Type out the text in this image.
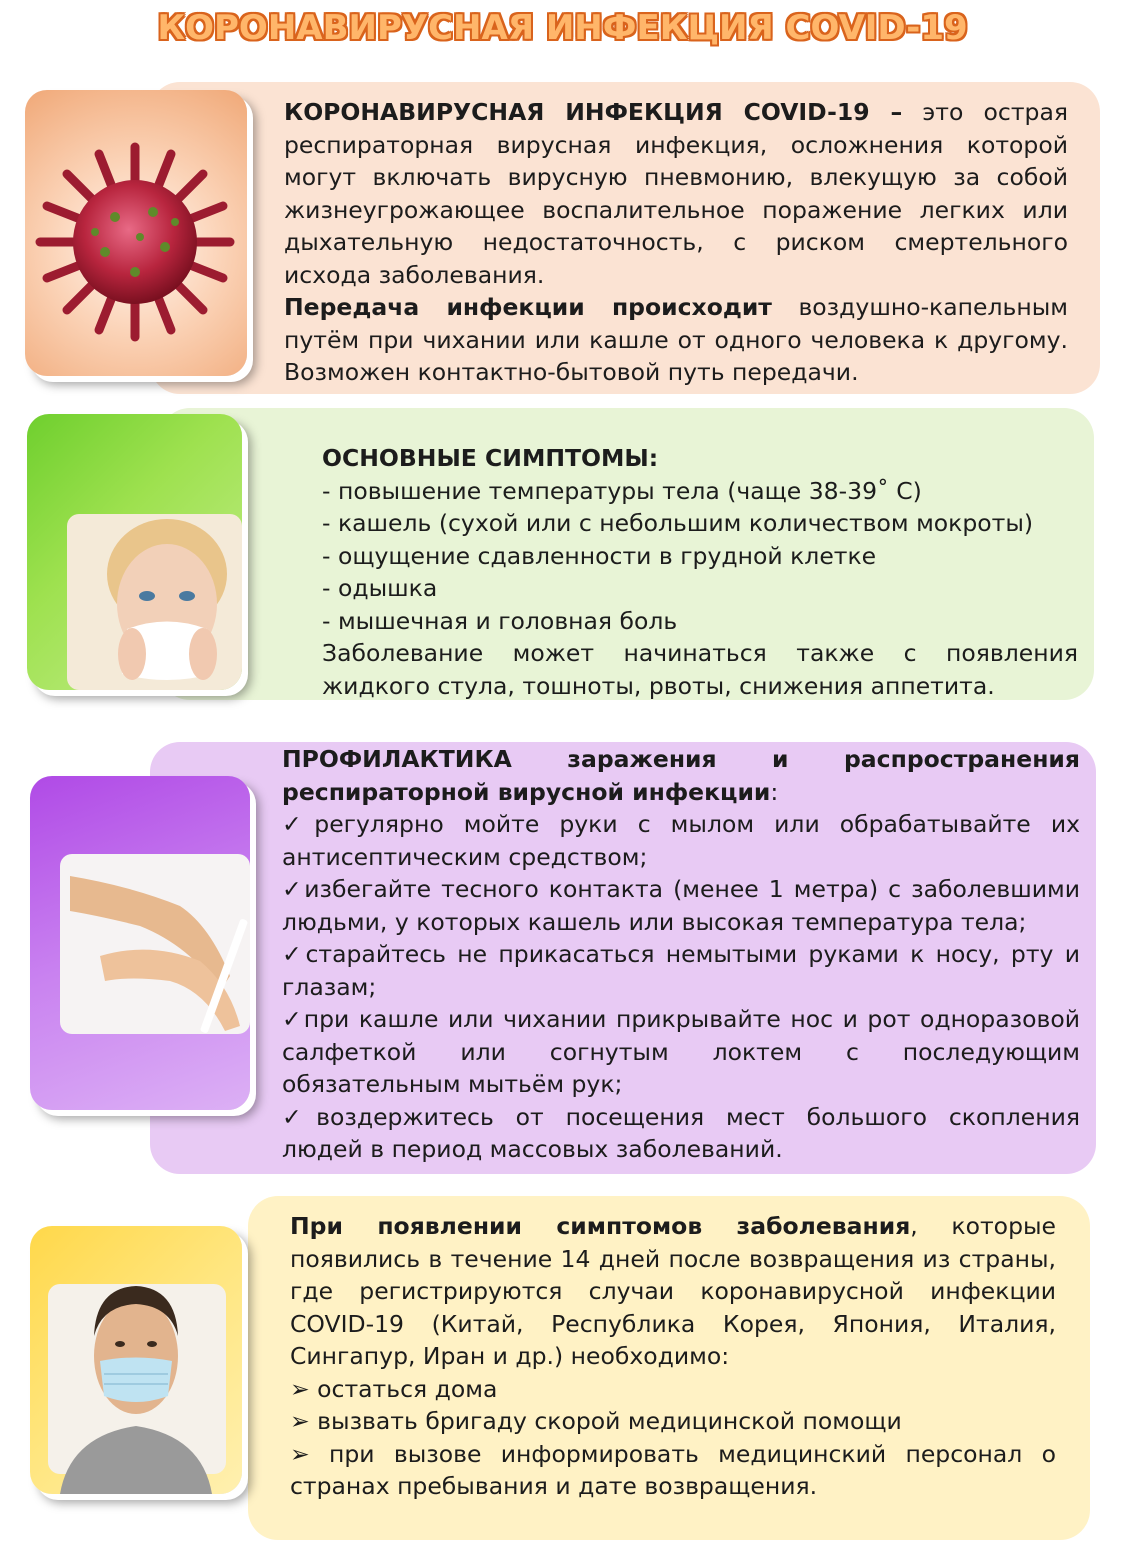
КОРОНАВИРУСНАЯ ИНФЕКЦИЯ COVID-19

КОРОНАВИРУСНАЯ ИНФЕКЦИЯ COVID-19 – это острая респираторная вирусная инфекция, осложнения которой могут включать вирусную пневмонию, влекущую за собой жизнеугрожающее воспалительное поражение легких или дыхательную недостаточность, с риском смертельного исхода заболевания.

Передача инфекции происходит воздушно-капельным путём при чихании или кашле от одного человека к другому. Возможен контактно-бытовой путь передачи.

ОСНОВНЫЕ СИМПТОМЫ:

- повышение температуры тела (чаще 38-39˚ С)

- кашель (сухой или с небольшим количеством мокроты)

- ощущение сдавленности в грудной клетке

- одышка

- мышечная и головная боль

Заболевание может начинаться также с появления жидкого стула, тошноты, рвоты, снижения аппетита.

ПРОФИЛАКТИКА заражения и распространения респираторной вирусной инфекции:

✓регулярно мойте руки с мылом или обрабатывайте их антисептическим средством;

✓избегайте тесного контакта (менее 1 метра) с заболевшими людьми, у которых кашель или высокая температура тела;

✓старайтесь не прикасаться немытыми руками к носу, рту и глазам;

✓при кашле или чихании прикрывайте нос и рот одноразовой салфеткой или согнутым локтем с последующим обязательным мытьём рук;

✓воздержитесь от посещения мест большого скопления людей в период массовых заболеваний.

При появлении симптомов заболевания, которые появились в течение 14 дней после возвращения из страны, где регистрируются случаи коронавирусной инфекции COVID-19 (Китай, Республика Корея, Япония, Италия, Сингапур, Иран и др.) необходимо:

➢ остаться дома

➢ вызвать бригаду скорой медицинской помощи

➢ при вызове информировать медицинский персонал о странах пребывания и дате возвращения.
